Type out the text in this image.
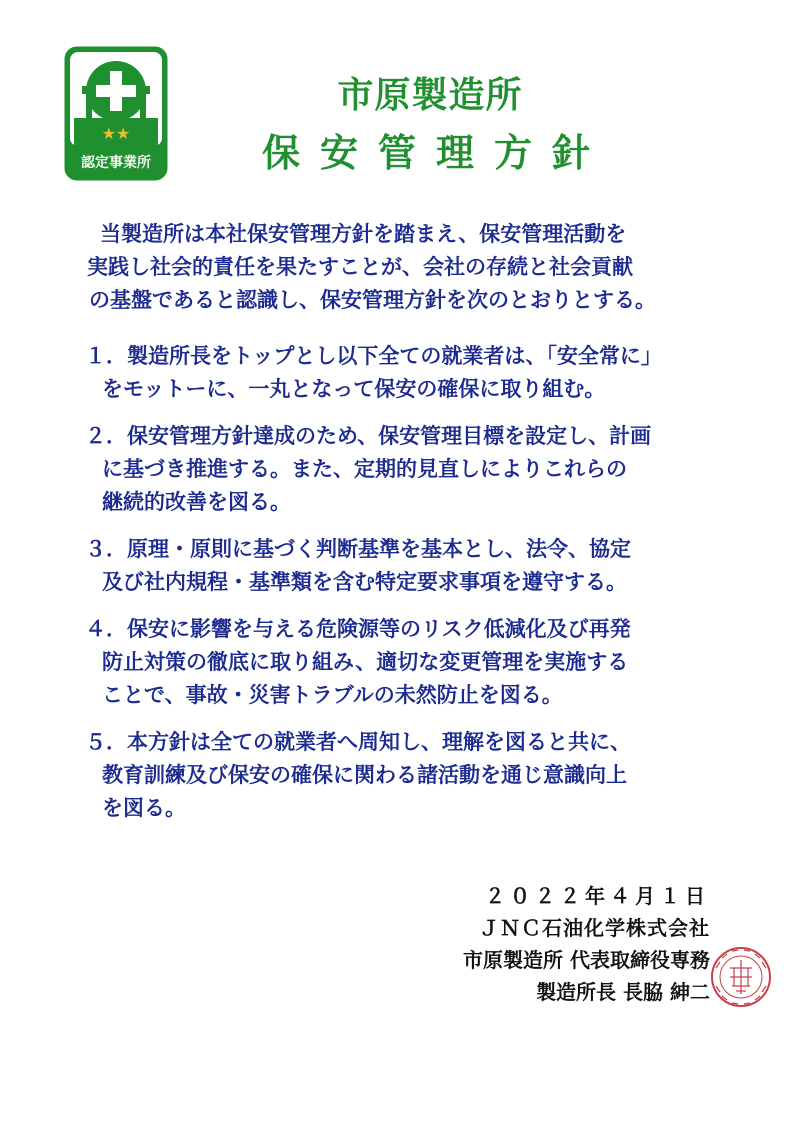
★★
認定事業所
市原製造所
保安管理方針

当製造所は本社保安管理方針を踏まえ、保安管理活動を

実践し社会的責任を果たすことが、会社の存続と社会貢献

の基盤であると認識し、保安管理方針を次のとおりとする。

１．製造所長をトップとし以下全ての就業者は、「安全常に」

をモットーに、一丸となって保安の確保に取り組む。

２．保安管理方針達成のため、保安管理目標を設定し、計画

に基づき推進する。また、定期的見直しによりこれらの

継続的改善を図る。

３．原理・原則に基づく判断基準を基本とし、法令、協定

及び社内規程・基準類を含む特定要求事項を遵守する。

４．保安に影響を与える危険源等のリスク低減化及び再発

防止対策の徹底に取り組み、適切な変更管理を実施する

ことで、事故・災害トラブルの未然防止を図る。

５．本方針は全ての就業者へ周知し、理解を図ると共に、

教育訓練及び保安の確保に関わる諸活動を通じ意識向上

を図る。

２０２２年４月１日

ＪＮＣ石油化学株式会社

市原製造所 代表取締役専務

製造所長 長脇 紳二
